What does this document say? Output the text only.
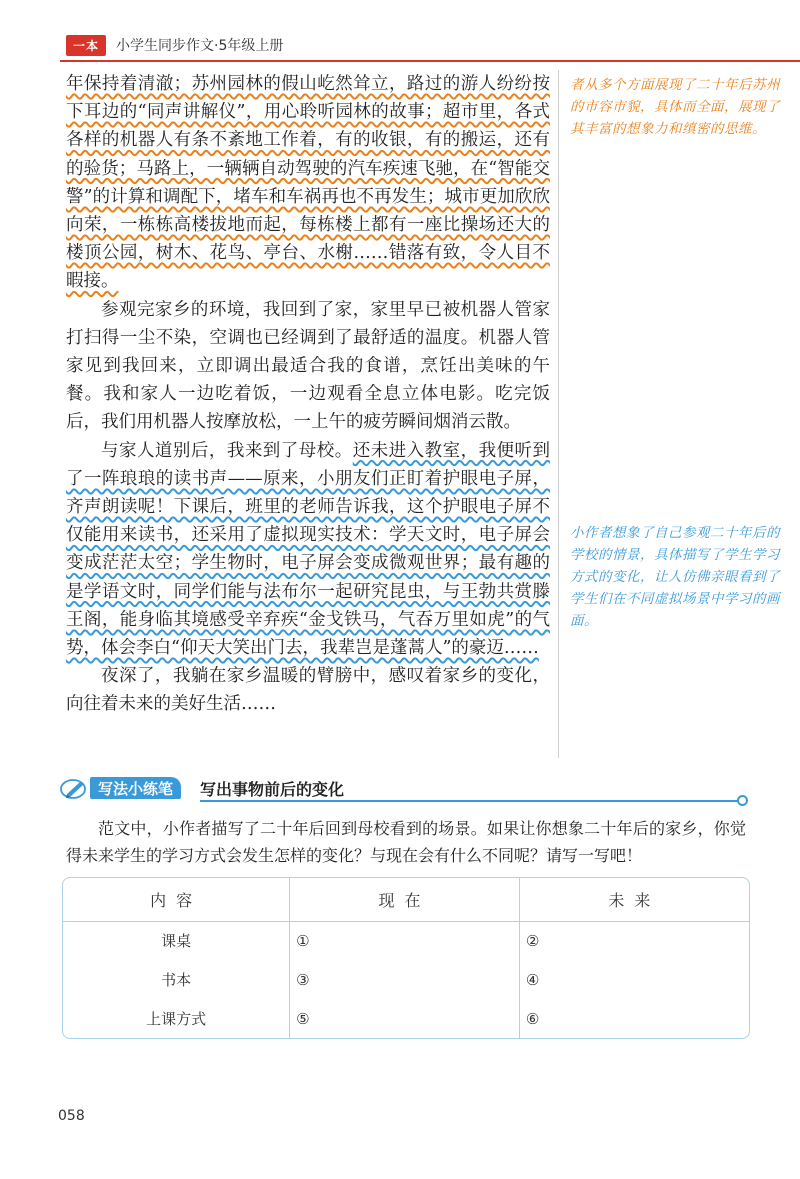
一本	小学生同步作文·5年级上册

年保持着清澈；苏州园林的假山屹然耸立，路过的游人纷纷按下耳边的“同声讲解仪”，用心聆听园林的故事；超市里，各式各样的机器人有条不紊地工作着，有的收银，有的搬运，还有的验货；马路上，一辆辆自动驾驶的汽车疾速飞驰，在“智能交警”的计算和调配下，堵车和车祸再也不再发生；城市更加欣欣向荣，一栋栋高楼拔地而起，每栋楼上都有一座比操场还大的楼顶公园，树木、花鸟、亭台、水榭……错落有致，令人目不暇接。

参观完家乡的环境，我回到了家，家里早已被机器人管家打扫得一尘不染，空调也已经调到了最舒适的温度。机器人管家见到我回来，立即调出最适合我的食谱，烹饪出美味的午餐。我和家人一边吃着饭，一边观看全息立体电影。吃完饭后，我们用机器人按摩放松，一上午的疲劳瞬间烟消云散。

与家人道别后，我来到了母校。还未进入教室，我便听到了一阵琅琅的读书声——原来，小朋友们正盯着护眼电子屏，齐声朗读呢！下课后，班里的老师告诉我，这个护眼电子屏不仅能用来读书，还采用了虚拟现实技术：学天文时，电子屏会变成茫茫太空；学生物时，电子屏会变成微观世界；最有趣的是学语文时，同学们能与法布尔一起研究昆虫，与王勃共赏滕王阁，能身临其境感受辛弃疾“金戈铁马，气吞万里如虎”的气势，体会李白“仰天大笑出门去，我辈岂是蓬蒿人”的豪迈……

夜深了，我躺在家乡温暖的臂膀中，感叹着家乡的变化，向往着未来的美好生活……

者从多个方面展现了二十年后苏州的市容市貌，具体而全面，展现了其丰富的想象力和缜密的思维。
小作者想象了自己参观二十年后的学校的情景，具体描写了学生学习方式的变化，让人仿佛亲眼看到了学生们在不同虚拟场景中学习的画面。
写法小练笔	写出事物前后的变化
范文中，小作者描写了二十年后回到母校看到的场景。如果让你想象二十年后的家乡，你觉得未来学生的学习方式会发生怎样的变化？与现在会有什么不同呢？请写一写吧！
内容	现在	未来
课桌	①	②
书本	③	④
上课方式	⑤	⑥
058
